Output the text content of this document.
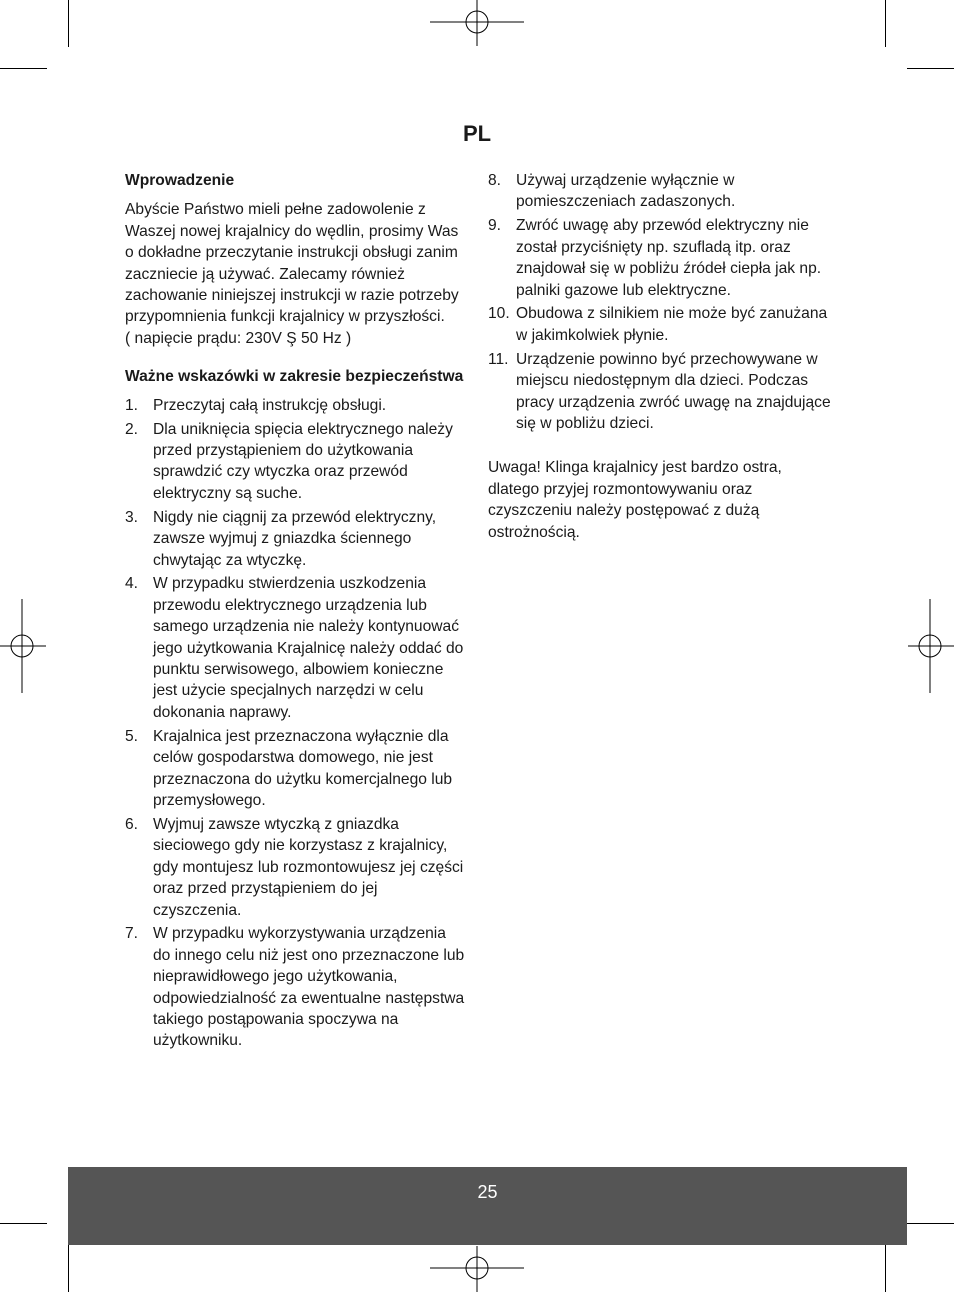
PL

Wprowadzenie

Abyście Państwo mieli pełne zadowolenie z Waszej nowej krajalnicy do wędlin, prosimy Was o dokładne przeczytanie instrukcji obsługi zanim zaczniecie ją używać. Zalecamy również zachowanie niniejszej instrukcji w razie potrzeby przypomnienia funkcji krajalnicy w przyszłości.

( napięcie prądu: 230V Ş 50 Hz )

Ważne wskazówki w zakresie bezpieczeństwa

1. Przeczytaj całą instrukcję obsługi.
2. Dla uniknięcia spięcia elektrycznego należy przed przystąpieniem do użytkowania sprawdzić czy wtyczka oraz przewód elektryczny są suche.
3. Nigdy nie ciągnij za przewód elektryczny, zawsze wyjmuj z gniazdka ściennego chwytając za wtyczkę.
4. W przypadku stwierdzenia uszkodzenia przewodu elektrycznego urządzenia lub samego urządzenia nie należy kontynuować jego użytkowania Krajalnicę należy oddać do punktu serwisowego, albowiem konieczne jest użycie specjalnych narzędzi w celu dokonania naprawy.
5. Krajalnica jest przeznaczona wyłącznie dla celów gospodarstwa domowego, nie jest przeznaczona do użytku komercjalnego lub przemysłowego.
6. Wyjmuj zawsze wtyczką z gniazdka sieciowego gdy nie korzystasz z krajalnicy, gdy montujesz lub rozmontowujesz jej części oraz przed przystąpieniem do jej czyszczenia.
7. W przypadku wykorzystywania urządzenia do innego celu niż jest ono przeznaczone lub nieprawidłowego jego użytkowania, odpowiedzialność za ewentualne następstwa takiego postąpowania spoczywa na użytkowniku.
8. Używaj urządzenie wyłącznie w pomieszczeniach zadaszonych.
9. Zwróć uwagę aby przewód elektryczny nie został przyciśnięty np. szufladą itp. oraz znajdował się w pobliżu źródeł ciepła jak np. palniki gazowe lub elektryczne.
10. Obudowa z silnikiem nie może być zanużana w jakimkolwiek płynie.
11. Urządzenie powinno być przechowywane w miejscu niedostępnym dla dzieci. Podczas pracy urządzenia zwróć uwagę na znajdujące się w pobliżu dzieci.

Uwaga! Klinga krajalnicy jest bardzo ostra, dlatego przyjej rozmontowywaniu oraz czyszczeniu należy postępować z dużą ostrożnością.

25
